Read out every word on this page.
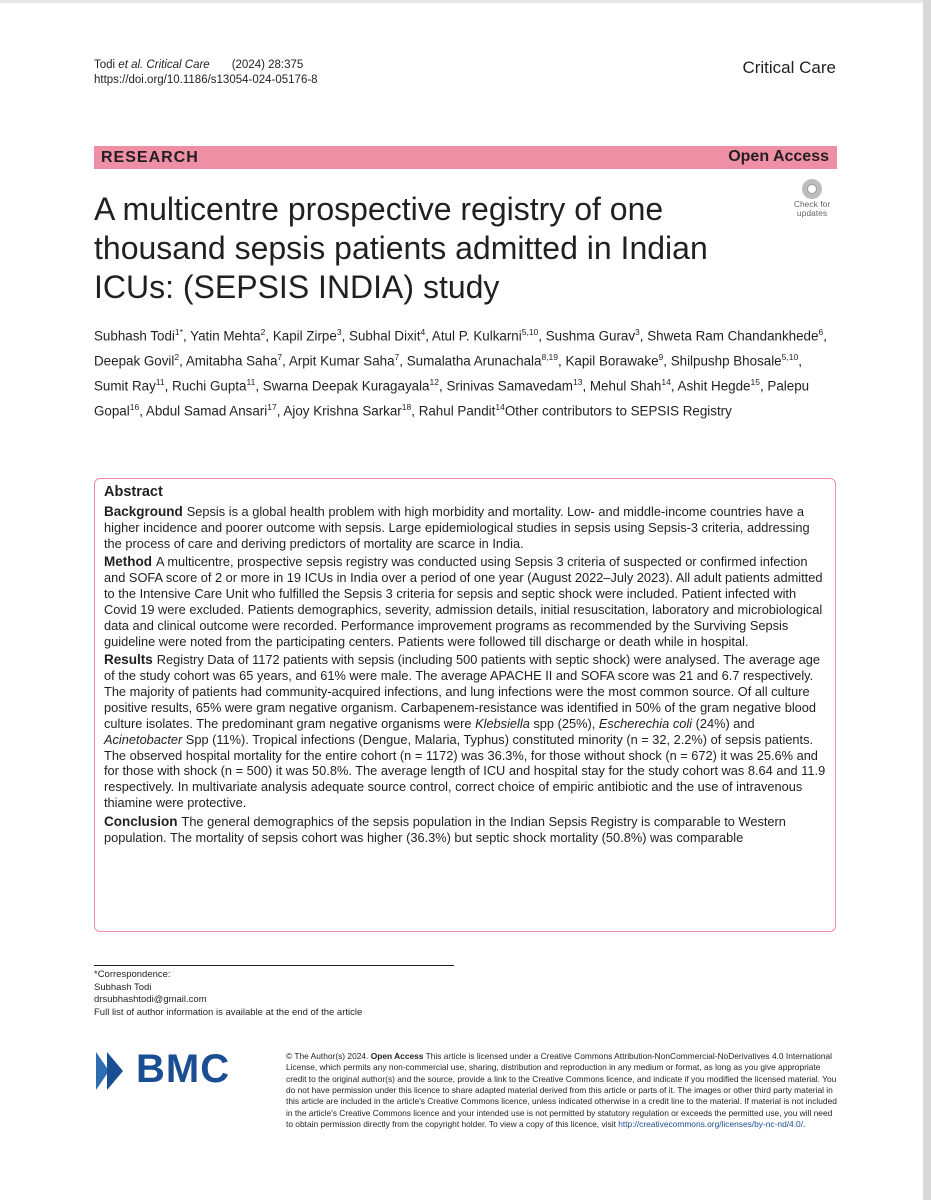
Todi et al. Critical Care (2024) 28:375
https://doi.org/10.1186/s13054-024-05176-8
Critical Care
RESEARCH	Open Access
Check for
updates
A multicentre prospective registry of one thousand sepsis patients admitted in Indian ICUs: (SEPSIS INDIA) study
Subhash Todi$^{1*}$, Yatin Mehta$^2$, Kapil Zirpe$^3$, Subhal Dixit$^4$, Atul P. Kulkarni$^{5,10}$, Sushma Gurav$^3$, Shweta Ram Chandankhede$^6$, Deepak Govil$^2$, Amitabha Saha$^7$, Arpit Kumar Saha$^7$, Sumalatha Arunachala$^{8,19}$, Kapil Borawake$^9$, Shilpushp Bhosale$^{5,10}$, Sumit Ray$^{11}$, Ruchi Gupta$^{11}$, Swarna Deepak Kuragayala$^{12}$, Srinivas Samavedam$^{13}$, Mehul Shah$^{14}$, Ashit Hegde$^{15}$, Palepu Gopal$^{16}$, Abdul Samad Ansari$^{17}$, Ajoy Krishna Sarkar$^{18}$, Rahul Pandit$^{14}$Other contributors to SEPSIS Registry
Abstract

Background Sepsis is a global health problem with high morbidity and mortality. Low- and middle-income countries have a higher incidence and poorer outcome with sepsis. Large epidemiological studies in sepsis using Sepsis-3 criteria, addressing the process of care and deriving predictors of mortality are scarce in India.

Method A multicentre, prospective sepsis registry was conducted using Sepsis 3 criteria of suspected or confirmed infection and SOFA score of 2 or more in 19 ICUs in India over a period of one year (August 2022–July 2023). All adult patients admitted to the Intensive Care Unit who fulfilled the Sepsis 3 criteria for sepsis and septic shock were included. Patient infected with Covid 19 were excluded. Patients demographics, severity, admission details, initial resuscitation, laboratory and microbiological data and clinical outcome were recorded. Performance improvement programs as recommended by the Surviving Sepsis guideline were noted from the participating centers. Patients were followed till discharge or death while in hospital.

Results Registry Data of 1172 patients with sepsis (including 500 patients with septic shock) were analysed. The average age of the study cohort was 65 years, and 61% were male. The average APACHE II and SOFA score was 21 and 6.7 respectively. The majority of patients had community-acquired infections, and lung infections were the most common source. Of all culture positive results, 65% were gram negative organism. Carbapenem-resistance was identified in 50% of the gram negative blood culture isolates. The predominant gram negative organisms were Klebsiella spp (25%), Escherechia coli (24%) and Acinetobacter Spp (11%). Tropical infections (Dengue, Malaria, Typhus) constituted minority (n = 32, 2.2%) of sepsis patients. The observed hospital mortality for the entire cohort (n = 1172) was 36.3%, for those without shock (n = 672) it was 25.6% and for those with shock (n = 500) it was 50.8%. The average length of ICU and hospital stay for the study cohort was 8.64 and 11.9 respectively. In multivariate analysis adequate source control, correct choice of empiric antibiotic and the use of intravenous thiamine were protective.

Conclusion The general demographics of the sepsis population in the Indian Sepsis Registry is comparable to Western population. The mortality of sepsis cohort was higher (36.3%) but septic shock mortality (50.8%) was comparable

*Correspondence:
Subhash Todi
drsubhashtodi@gmail.com
Full list of author information is available at the end of the article
BMC	© The Author(s) 2024. Open Access This article is licensed under a Creative Commons Attribution-NonCommercial-NoDerivatives 4.0 International License, which permits any non-commercial use, sharing, distribution and reproduction in any medium or format, as long as you give appropriate credit to the original author(s) and the source, provide a link to the Creative Commons licence, and indicate if you modified the licensed material. You do not have permission under this licence to share adapted material derived from this article or parts of it. The images or other third party material in this article are included in the article's Creative Commons licence, unless indicated otherwise in a credit line to the material. If material is not included in the article's Creative Commons licence and your intended use is not permitted by statutory regulation or exceeds the permitted use, you will need to obtain permission directly from the copyright holder. To view a copy of this licence, visit http://creativecommons.org/licenses/by-nc-nd/4.0/.
